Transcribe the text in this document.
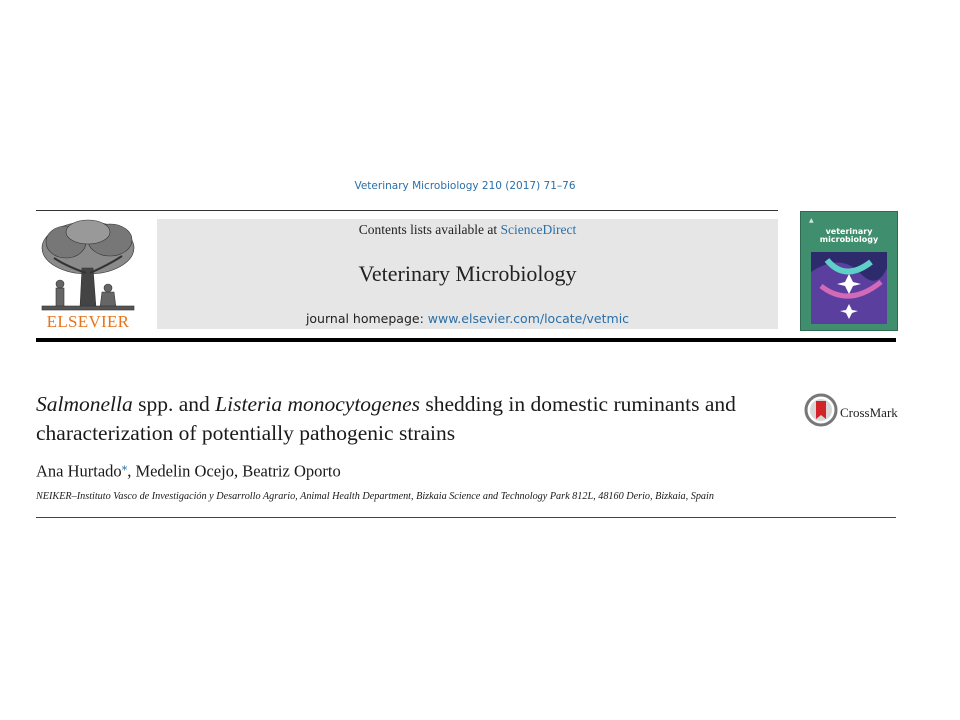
Veterinary Microbiology 210 (2017) 71–76
ELSEVIER
Contents lists available at ScienceDirect
Veterinary Microbiology
journal homepage: www.elsevier.com/locate/vetmic
▲
veterinary
microbiology
Salmonella spp. and Listeria monocytogenes shedding in domestic ruminants and characterization of potentially pathogenic strains
CrossMark
Ana Hurtado⁎, Medelin Ocejo, Beatriz Oporto
NEIKER–Instituto Vasco de Investigación y Desarrollo Agrario, Animal Health Department, Bizkaia Science and Technology Park 812L, 48160 Derio, Bizkaia, Spain
